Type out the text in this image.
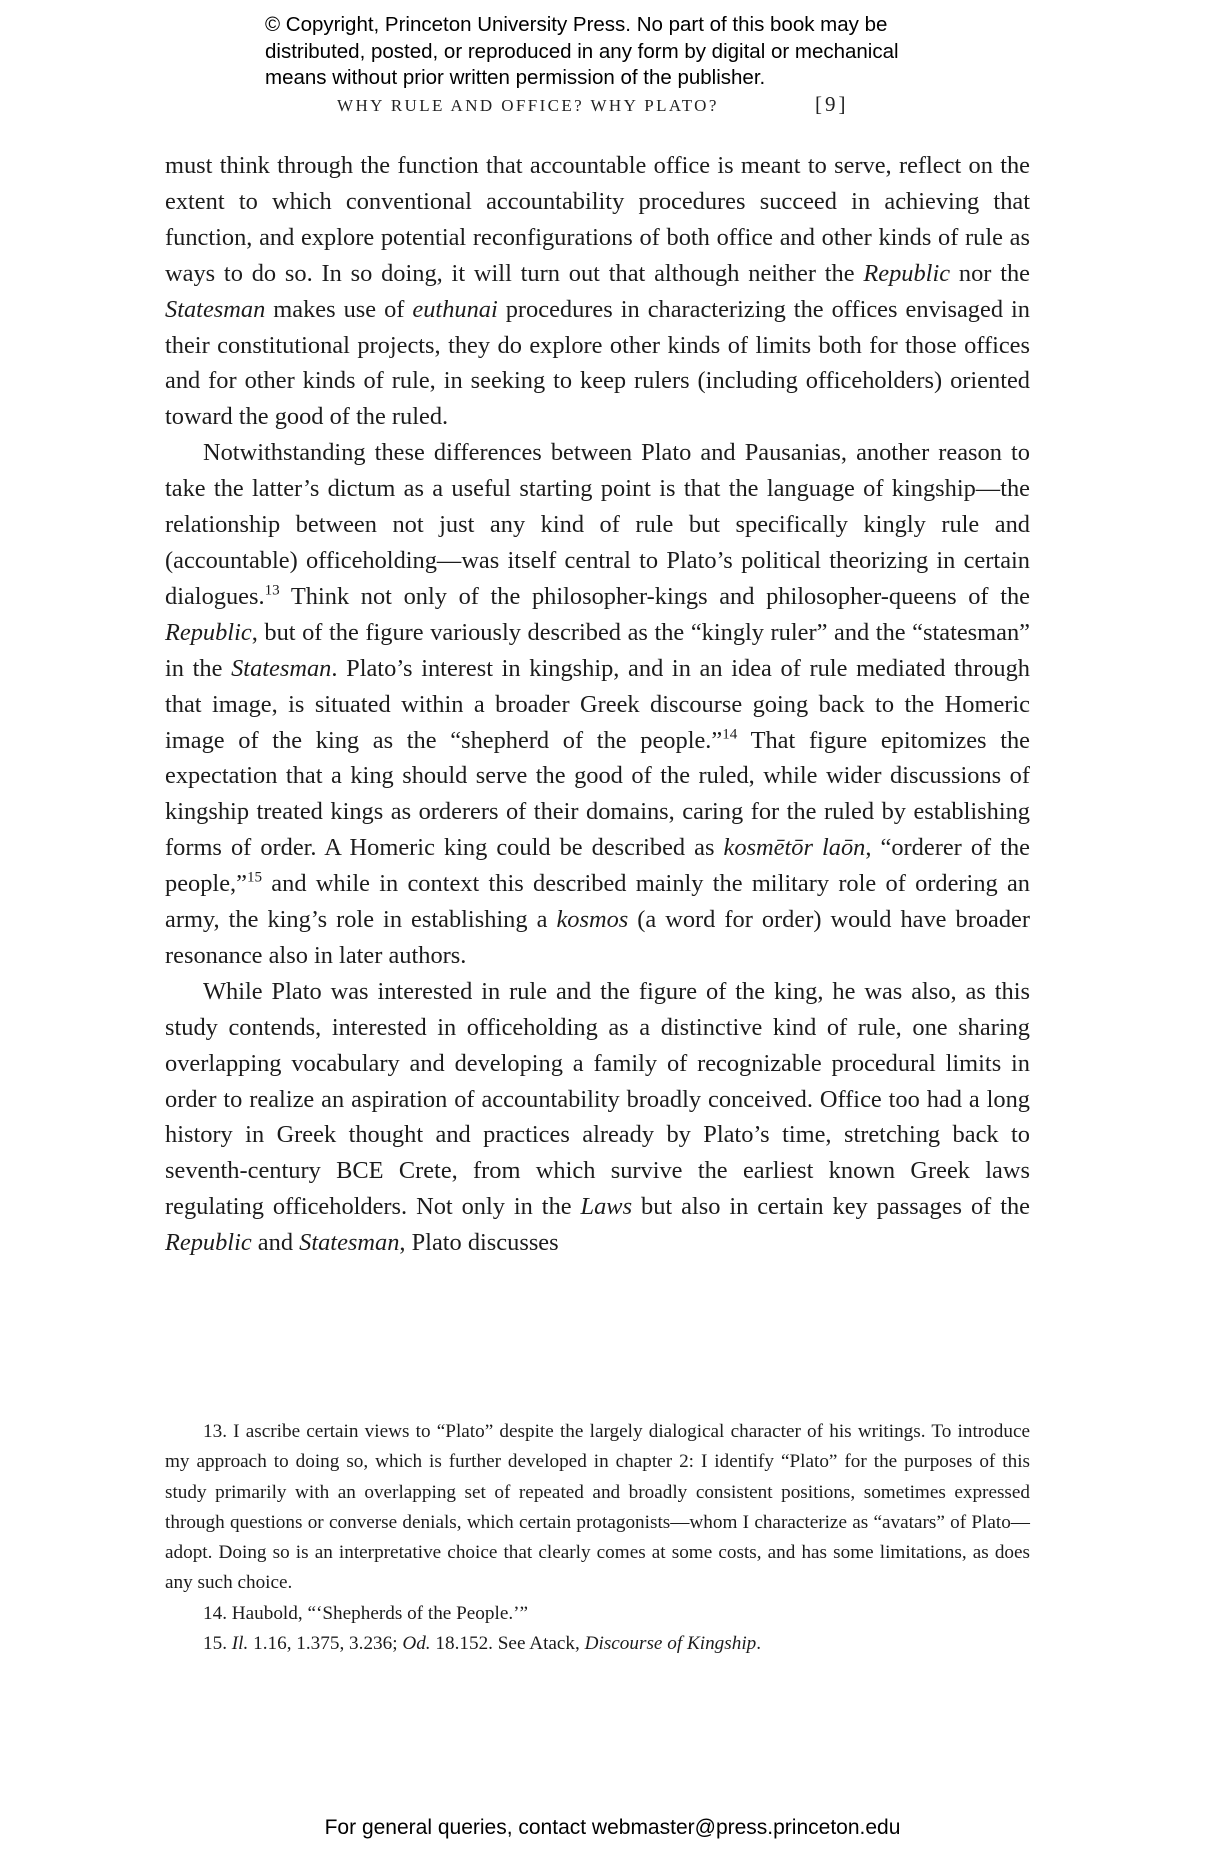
© Copyright, Princeton University Press. No part of this book may be
distributed, posted, or reproduced in any form by digital or mechanical
means without prior written permission of the publisher.
WHY RULE AND OFFICE? WHY PLATO?	[9]

must think through the function that accountable office is meant to serve, reflect on the extent to which conventional accountability procedures succeed in achieving that function, and explore potential reconfigurations of both office and other kinds of rule as ways to do so. In so doing, it will turn out that although neither the Republic nor the Statesman makes use of euthunai procedures in characterizing the offices envisaged in their constitutional projects, they do explore other kinds of limits both for those offices and for other kinds of rule, in seeking to keep rulers (including officeholders) oriented toward the good of the ruled.

Notwithstanding these differences between Plato and Pausanias, another reason to take the latter’s dictum as a useful starting point is that the language of kingship—the relationship between not just any kind of rule but specifically kingly rule and (accountable) officeholding—was itself central to Plato’s political theorizing in certain dialogues.$^{13}$ Think not only of the philosopher-kings and philosopher-queens of the Republic, but of the figure variously described as the “kingly ruler” and the “statesman” in the Statesman. Plato’s interest in kingship, and in an idea of rule mediated through that image, is situated within a broader Greek discourse going back to the Homeric image of the king as the “shepherd of the people.”$^{14}$ That figure epitomizes the expectation that a king should serve the good of the ruled, while wider discussions of kingship treated kings as orderers of their domains, caring for the ruled by establishing forms of order. A Homeric king could be described as kosmētōr laōn, “orderer of the people,”$^{15}$ and while in context this described mainly the military role of ordering an army, the king’s role in establishing a kosmos (a word for order) would have broader resonance also in later authors.

While Plato was interested in rule and the figure of the king, he was also, as this study contends, interested in officeholding as a distinctive kind of rule, one sharing overlapping vocabulary and developing a family of recognizable procedural limits in order to realize an aspiration of accountability broadly conceived. Office too had a long history in Greek thought and practices already by Plato’s time, stretching back to seventh-century BCE Crete, from which survive the earliest known Greek laws regulating officeholders. Not only in the Laws but also in certain key passages of the Republic and Statesman, Plato discusses

13. I ascribe certain views to “Plato” despite the largely dialogical character of his writings. To introduce my approach to doing so, which is further developed in chapter 2: I identify “Plato” for the purposes of this study primarily with an overlapping set of repeated and broadly consistent positions, sometimes expressed through questions or converse denials, which certain protagonists—whom I characterize as “avatars” of Plato—adopt. Doing so is an interpretative choice that clearly comes at some costs, and has some limitations, as does any such choice.

14. Haubold, “‘Shepherds of the People.’”

15. Il. 1.16, 1.375, 3.236; Od. 18.152. See Atack, Discourse of Kingship.

For general queries, contact webmaster@press.princeton.edu
